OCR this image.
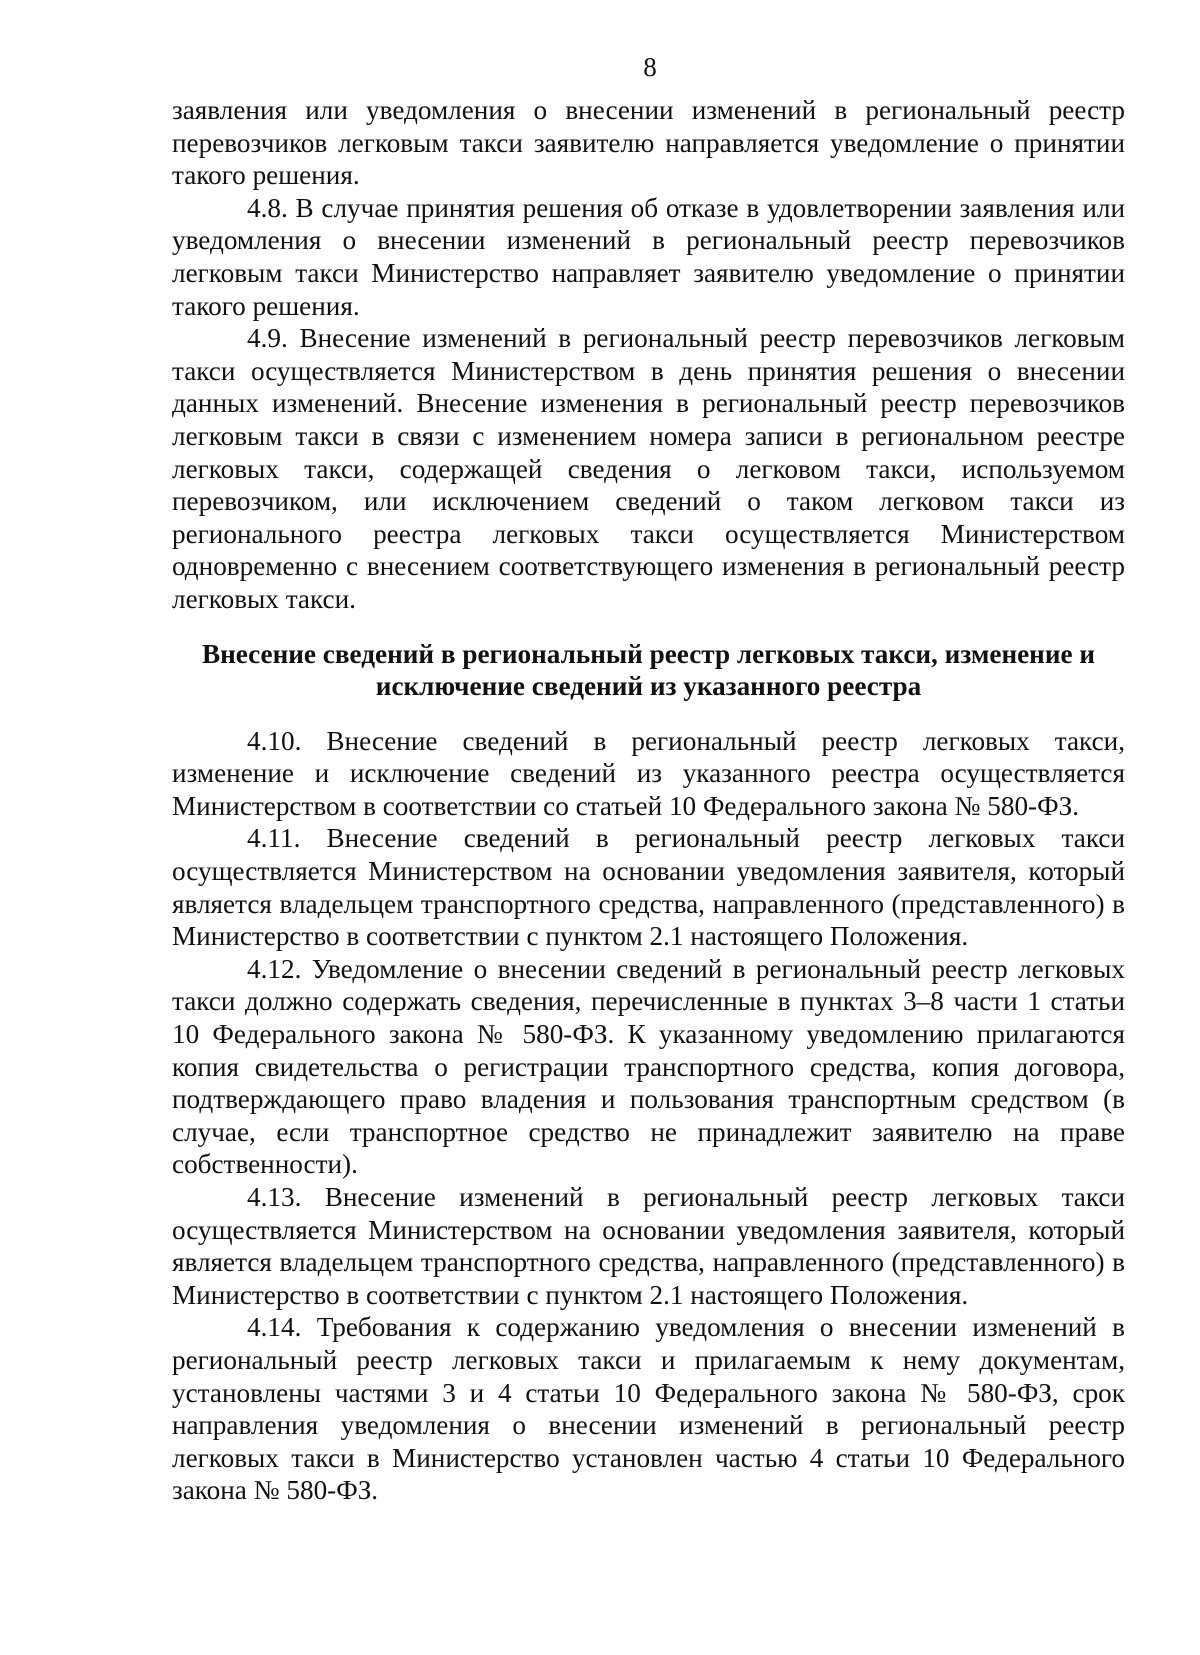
8

заявления или уведомления о внесении изменений в региональный реестр перевозчиков легковым такси заявителю направляется уведомление о принятии такого решения.

4.8. В случае принятия решения об отказе в удовлетворении заявления или уведомления о внесении изменений в региональный реестр перевозчиков легковым такси Министерство направляет заявителю уведомление о принятии такого решения.

4.9. Внесение изменений в региональный реестр перевозчиков легковым такси осуществляется Министерством в день принятия решения о внесении данных изменений. Внесение изменения в региональный реестр перевозчиков легковым такси в связи с изменением номера записи в региональном реестре легковых такси, содержащей сведения о легковом такси, используемом перевозчиком, или исключением сведений о таком легковом такси из регионального реестра легковых такси осуществляется Министерством одновременно с внесением соответствующего изменения в региональный реестр легковых такси.

Внесение сведений в региональный реестр легковых такси, изменение и
исключение сведений из указанного реестра

4.10. Внесение сведений в региональный реестр легковых такси, изменение и исключение сведений из указанного реестра осуществляется Министерством в соответствии со статьей 10 Федерального закона № 580-ФЗ.

4.11. Внесение сведений в региональный реестр легковых такси осуществляется Министерством на основании уведомления заявителя, который является владельцем транспортного средства, направленного (представленного) в Министерство в соответствии с пунктом 2.1 настоящего Положения.

4.12. Уведомление о внесении сведений в региональный реестр легковых такси должно содержать сведения, перечисленные в пунктах 3–8 части 1 статьи 10 Федерального закона № 580-ФЗ. К указанному уведомлению прилагаются копия свидетельства о регистрации транспортного средства, копия договора, подтверждающего право владения и пользования транспортным средством (в случае, если транспортное средство не принадлежит заявителю на праве собственности).

4.13. Внесение изменений в региональный реестр легковых такси осуществляется Министерством на основании уведомления заявителя, который является владельцем транспортного средства, направленного (представленного) в Министерство в соответствии с пунктом 2.1 настоящего Положения.

4.14. Требования к содержанию уведомления о внесении изменений в региональный реестр легковых такси и прилагаемым к нему документам, установлены частями 3 и 4 статьи 10 Федерального закона № 580-ФЗ, срок направления уведомления о внесении изменений в региональный реестр легковых такси в Министерство установлен частью 4 статьи 10 Федерального закона № 580-ФЗ.
